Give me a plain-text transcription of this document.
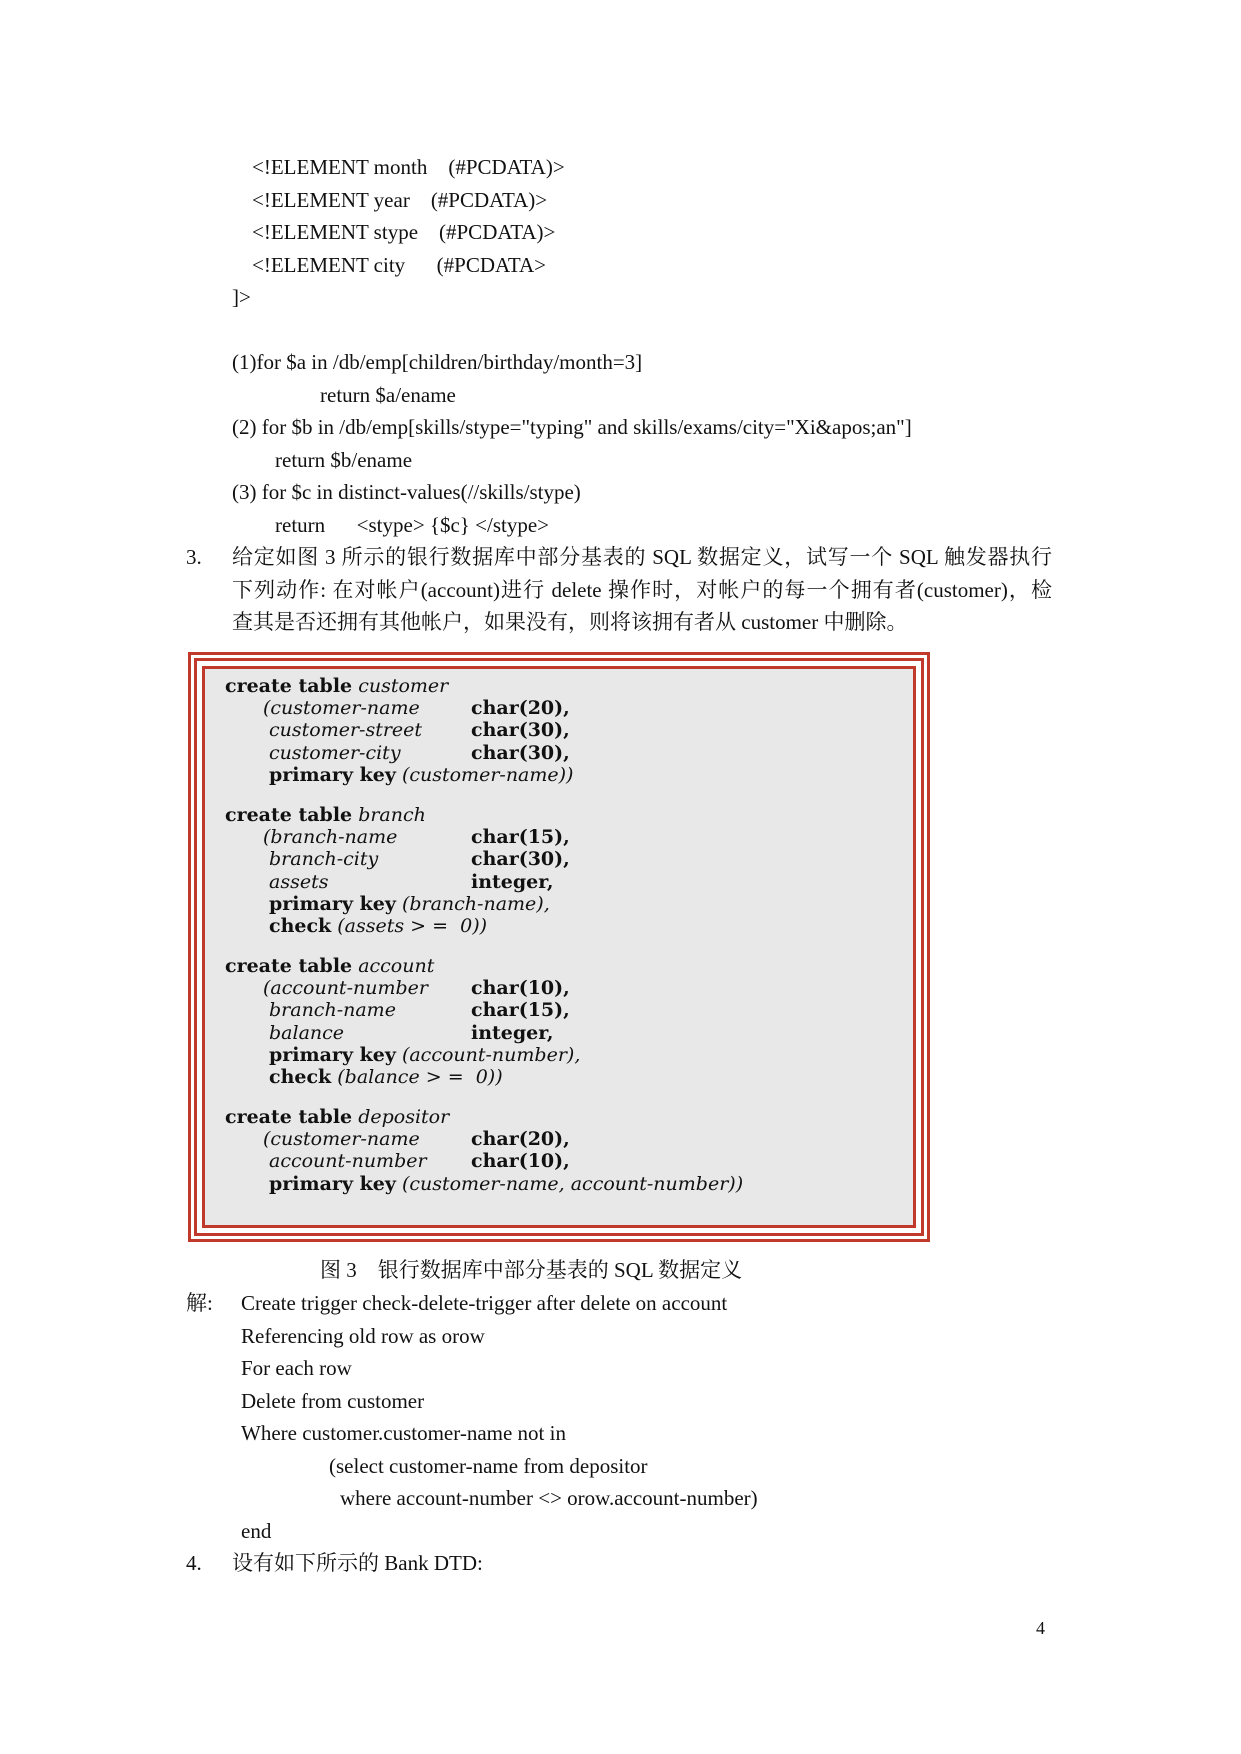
<!ELEMENT month    (#PCDATA)>
<!ELEMENT year    (#PCDATA)>
<!ELEMENT stype    (#PCDATA)>
<!ELEMENT city      (#PCDATA>
]>
(1)for $a in /db/emp[children/birthday/month=3]
return $a/ename
(2) for $b in /db/emp[skills/stype="typing" and skills/exams/city="Xi&apos;an"]
return $b/ename
(3) for $c in distinct-values(//skills/stype)
return      <stype> {$c} </stype>
3. 给定如图 3 所示的银行数据库中部分基表的 SQL 数据定义，试写一个 SQL 触发器执行
下列动作: 在对帐户(account)进行 delete 操作时，对帐户的每一个拥有者(customer)，检
查其是否还拥有其他帐户，如果没有，则将该拥有者从 customer 中删除。
create table customer
(customer-name	char(20),
customer-street	char(30),
customer-city	char(30),
primary key (customer-name))
create table branch
(branch-name	char(15),
branch-city	char(30),
assets	integer,
primary key (branch-name),
check (assets > =  0))
create table account
(account-number char(10),
branch-name	char(15),
balance	integer,
primary key (account-number),
check (balance > =  0))
create table depositor
(customer-name	char(20),
account-number char(10),
primary key (customer-name, account-number))
图 3    银行数据库中部分基表的 SQL 数据定义
解: Create trigger check-delete-trigger after delete on account
Referencing old row as orow
For each row
Delete from customer
Where customer.customer-name not in
(select customer-name from depositor
where account-number <> orow.account-number)
end
4. 设有如下所示的 Bank DTD:
4
